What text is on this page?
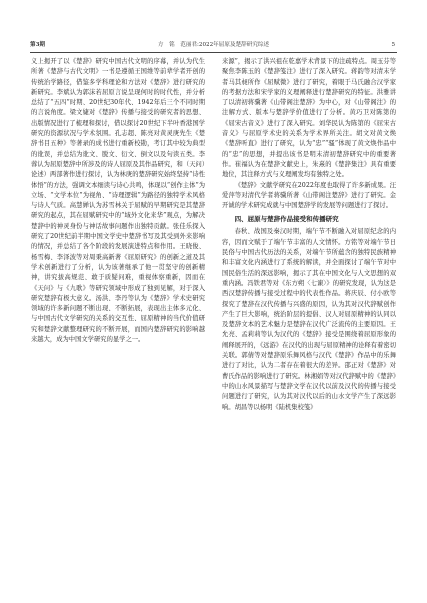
第3期	方　铭　范丽君:2022年屈原及楚辞研究综述	5

义上揭开了以《楚辞》研究中国古代文明的序幕，并认为代生所著《楚辞与古代文明》一书是遵循王国维等前辈学者开创的传统治学路径，借鉴多学科理论和方法对《楚辞》进行研究的新研究。李斌认为郭沫若屈原言说呈现何时的时代性，并分析总结了“五四”时期、20世纪30年代、1942年后三个不同时期的言说角度。梁文婕对《楚辞》传播与接受的研究者的思想、出版情况进行了梳理和探讨，借以探讨20世纪下半叶香港国学研究的资源状况与学术氛围。孔志超、陈亮对黄灵庚先生《楚辞书目五种》等著录的成书进行重新校勘，考订其中较为典型的讹误，并总结为讹文、脱文、衍文、倒文以及句读五类。李蓉认为屈原楚辞中所涉及的诗人屈原及其作品研究，和（天问）论述）两部著作进行探讨，认为林庚的楚辞研究始终坚持“诗性体悟”的方法，强调文本细读与诗心共鸣，体现以“创作主体”为立场、“文学本位”为视角、“诗理逻辑”为路径的独特学术风格与诗人气质。高慧婵认为苏雪林关于屈赋的早期研究是其楚辞研究的起点，其在屈赋研究中的“域外文化来华”观点，为解决楚辞中的神灵身份与神话故事问题作出独特贡献。张佳乐探入研究了20世纪前半期中国文学史中楚辞书写及其受到外来影响的情况，并总结了各个阶段的发展演进特点和作用。王晓俊、杨雪梅、李泽波等对周秉高新著《屈原研究》的创新之道及其学术创新进行了分析，认为该著继承了他一贯坚守的创新精神，讲究拔高规范、敢于质疑问难，重视体察重新，因而在《天问》与《九歌》等研究领域中形成了独到见解，对于深入研究楚辞有极大意义。汤洪、李丹等认为《楚辞》学术史研究领域的许多新问题不断出现、不断拓展，表现出主体多元化、与中国古代文学研究的关系的交互性、屈原精神的当代价值研究和楚辞文献整理研究的不断开展，而国内楚辞研究的影响越来越大，成为中国文学研究的显学之一。

来源”，揭示了洪兴祖在乾嘉学术背景下的注疏特点。周玉芬等聚焦李陈玉的《楚辞笺注》进行了深入研究。蒋韵等对清末学者马其昶所作《屈赋微》进行了研究，着眼于马氏融合汉学家的考据方法和宋学家的义理阐释进行楚辞研究的特征。洪雅讲了以清初蒋骥著《山带阁注楚辞》为中心，对《山带阁注》的注解方式、版本与楚辞学价值进行了分析。黄巧卫对陈第的《屈宋古音义》进行了深入研究。刘华民认为陈第的《屈宋古音义》与屈原学术史的关系为学术界所关注。胡文对黄文焕《楚辞听直》进行了研究，认为“忠”“骚”体现了黄文焕作品中的“忠”的思想，并提出该书是明末清初楚辞研究中的重要著作。崔福认为在楚辞文献史上，朱熹的《楚辞集注》具有重要地位，其注释方式与义理阐发均有独特之处。

《楚辞》文献学研究在2022年度也取得了许多新成果。汪爱萍等对清代学者蒋骥所著《山带阁注楚辞》进行了研究。金开诚的学术研究成就与中国楚辞学的发展等问题进行了探讨。

四、屈原与楚辞作品接受和传播研究

春秋、战国及秦汉时期，端午节不断融入对屈原纪念的内容，因而文赋于了端午节丰富的人文情怀。方铭等对端午节日民俗与中国古代历法的关系，对端午节所蕴含的独特民族精神和丰富文化内涵进行了系统的解读，并全面探讨了端午节对中国民俗生活的深远影响，揭示了其在中国文化与人文思想的双重内涵。冯铁君等对《东方朔〈七谏〉》的研究发现，认为这是西汉楚辞传播与接受过程中的代表性作品。蒋庆辰、付小欧等探究了楚辞在汉代传播与兴盛的原因，认为其对汉代辞赋创作产生了巨大影响，统治阶层的提倡、汉人对屈原精神的认同以及楚辞文本的艺术魅力是楚辞在汉代广泛流传的主要原因。王允亮、孟莉莉等认为汉代的《楚辞》接受是围绕着屈原形象的阐释展开的，《远游》在汉代的出现与屈原精神的诠释有着密切关联。郭倩等对楚辞原乐舞风格与汉代《楚辞》作品中的乐舞进行了对比，认为二者存在着很大的差异。邵正对《楚辞》对曹氏作品的影响进行了研究。林湘娟等对汉代辞赋中的《楚辞》中的山水风景描写与楚辞文学在汉代以前及汉代的传播与接受问题进行了研究，认为其对汉代以后的山水文学产生了深远影响。胡昌等以杨明《陆机集校笺》
